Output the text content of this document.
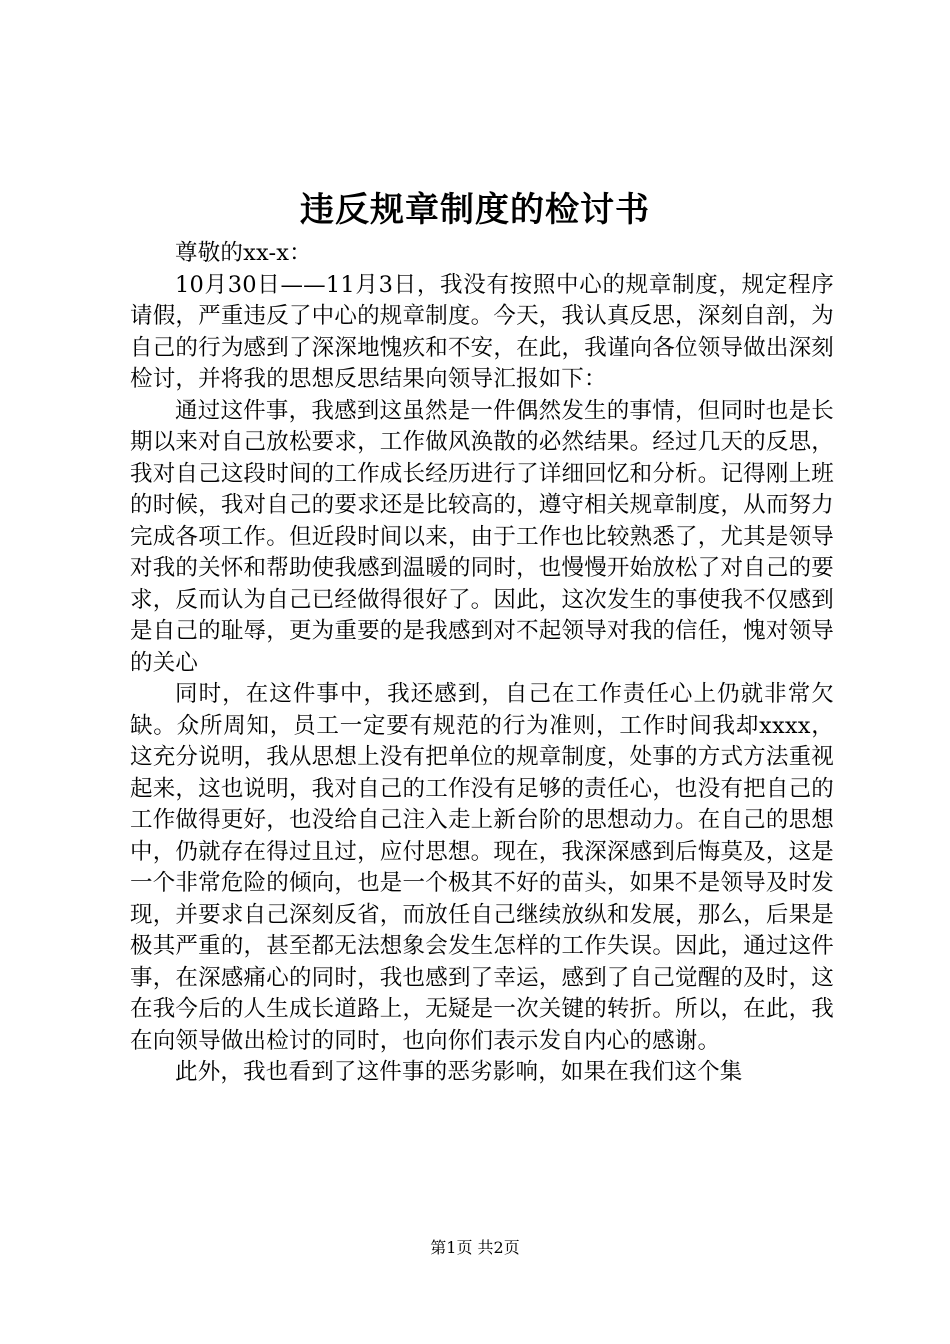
违反规章制度的检讨书

尊敬的xx-x：

10月30日——11月3日，我没有按照中心的规章制度，规定程序请假，严重违反了中心的规章制度。今天，我认真反思，深刻自剖，为自己的行为感到了深深地愧疚和不安，在此，我谨向各位领导做出深刻检讨，并将我的思想反思结果向领导汇报如下：

通过这件事，我感到这虽然是一件偶然发生的事情，但同时也是长期以来对自己放松要求，工作做风涣散的必然结果。经过几天的反思，我对自己这段时间的工作成长经历进行了详细回忆和分析。记得刚上班的时候，我对自己的要求还是比较高的，遵守相关规章制度，从而努力完成各项工作。但近段时间以来，由于工作也比较熟悉了，尤其是领导对我的关怀和帮助使我感到温暖的同时，也慢慢开始放松了对自己的要求，反而认为自己已经做得很好了。因此，这次发生的事使我不仅感到是自己的耻辱，更为重要的是我感到对不起领导对我的信任，愧对领导的关心

同时，在这件事中，我还感到，自己在工作责任心上仍就非常欠缺。众所周知，员工一定要有规范的行为准则，工作时间我却xxxx，这充分说明，我从思想上没有把单位的规章制度，处事的方式方法重视起来，这也说明，我对自己的工作没有足够的责任心，也没有把自己的工作做得更好，也没给自己注入走上新台阶的思想动力。在自己的思想中，仍就存在得过且过，应付思想。现在，我深深感到后悔莫及，这是一个非常危险的倾向，也是一个极其不好的苗头，如果不是领导及时发现，并要求自己深刻反省，而放任自己继续放纵和发展，那么，后果是极其严重的，甚至都无法想象会发生怎样的工作失误。因此，通过这件事，在深感痛心的同时，我也感到了幸运，感到了自己觉醒的及时，这在我今后的人生成长道路上，无疑是一次关键的转折。所以，在此，我在向领导做出检讨的同时，也向你们表示发自内心的感谢。

此外，我也看到了这件事的恶劣影响，如果在我们这个集

第1页 共2页
